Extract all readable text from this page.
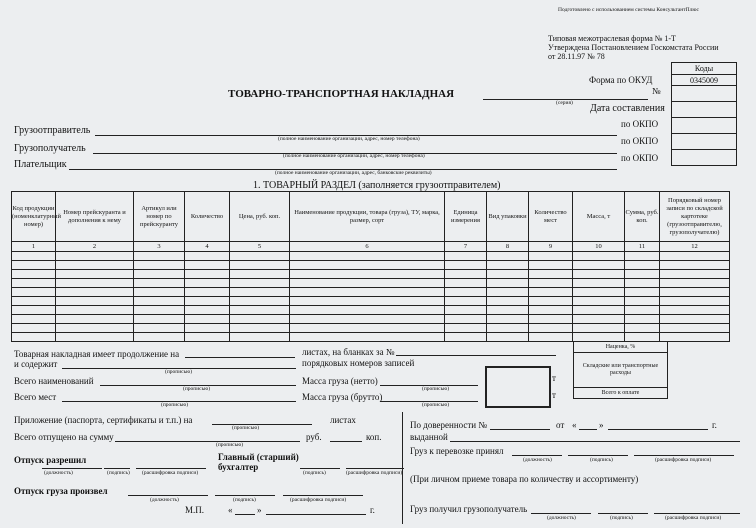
Подготовлено с использованием системы КонсультантПлюс
Типовая межотраслевая форма № 1-Т
Утверждена Постановлением Госкомстата России
от 28.11.97 № 78
Коды
0345009

Форма по ОКУД
№
Дата составления
по ОКПО
по ОКПО
по ОКПО
ТОВАРНО-ТРАНСПОРТНАЯ НАКЛАДНАЯ
(серия)
Грузоотправитель
(полное наименование организации, адрес, номер телефона)
Грузополучатель
(полное наименование организации, адрес, номер телефона)
Плательщик
(полное наименование организации, адрес, банковские реквизиты)
1. ТОВАРНЫЙ РАЗДЕЛ (заполняется грузоотправителем)
Код продукции (номенклатурный номер)	Номер прейскуранта и дополнения к нему	Артикул или номер по прейскуранту	Количество	Цена, руб. коп.	Наименование продукции, товара (груза), ТУ, марка, размер, сорт	Единица измерения	Вид упаковки	Количество мест	Масса, т	Сумма, руб. коп.	Порядковый номер записи по складской картотеке (грузоотправителю, грузополучателю)
1	2	3	4	5	6	7	8	9	10	11	12

Наценка, %
Складские или транспортные расходы
Всего к оплате
Товарная накладная имеет продолжение на	листах, на бланках за №
и содержит
(прописью)
порядковых номеров записей
Всего наименований
(прописью)
Масса груза (нетто)
(прописью)
Всего мест
(прописью)
Масса груза (брутто)
(прописью)
т
т
Приложение (паспорта, сертификаты и т.п.) на
(прописью)
листах
Всего отпущено на сумму
(прописью)
руб.	коп.
Отпуск разрешил
(должность)	(подпись) (расшифровка подписи)
Главный (старший) бухгалтер
(подпись)	(расшифровка подписи)
Отпуск груза произвел
(должность)	(подпись)	(расшифровка подписи)
М.П.	«	»	г.
По доверенности №	от «	»	г.
выданной
Груз к перевозке принял
(должность)	(подпись)	(расшифровка подписи)
(При личном приеме товара по количеству и ассортименту)
Груз получил грузополучатель
(должность)	(подпись)	(расшифровка подписи)
